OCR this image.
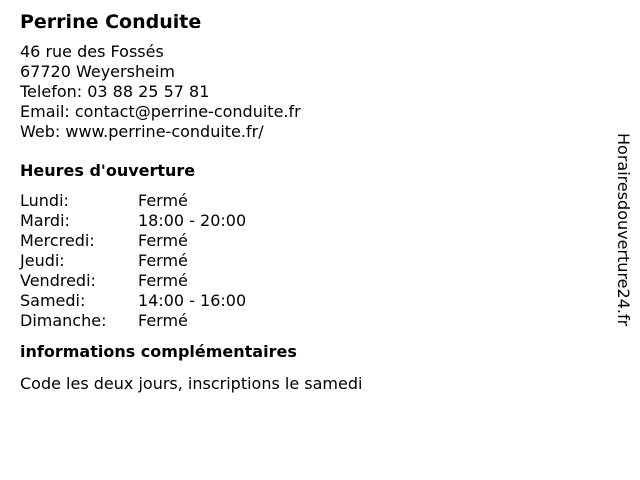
Perrine Conduite
46 rue des Fossés
67720 Weyersheim
Telefon: 03 88 25 57 81
Email: contact@perrine-conduite.fr
Web: www.perrine-conduite.fr/
Heures d'ouverture
Lundi:	Fermé
Mardi:	18:00 - 20:00
Mercredi:	Fermé
Jeudi:	Fermé
Vendredi:	Fermé
Samedi:	14:00 - 16:00
Dimanche: Fermé
informations complémentaires
Code les deux jours, inscriptions le samedi
Horairesdouverture24.fr
